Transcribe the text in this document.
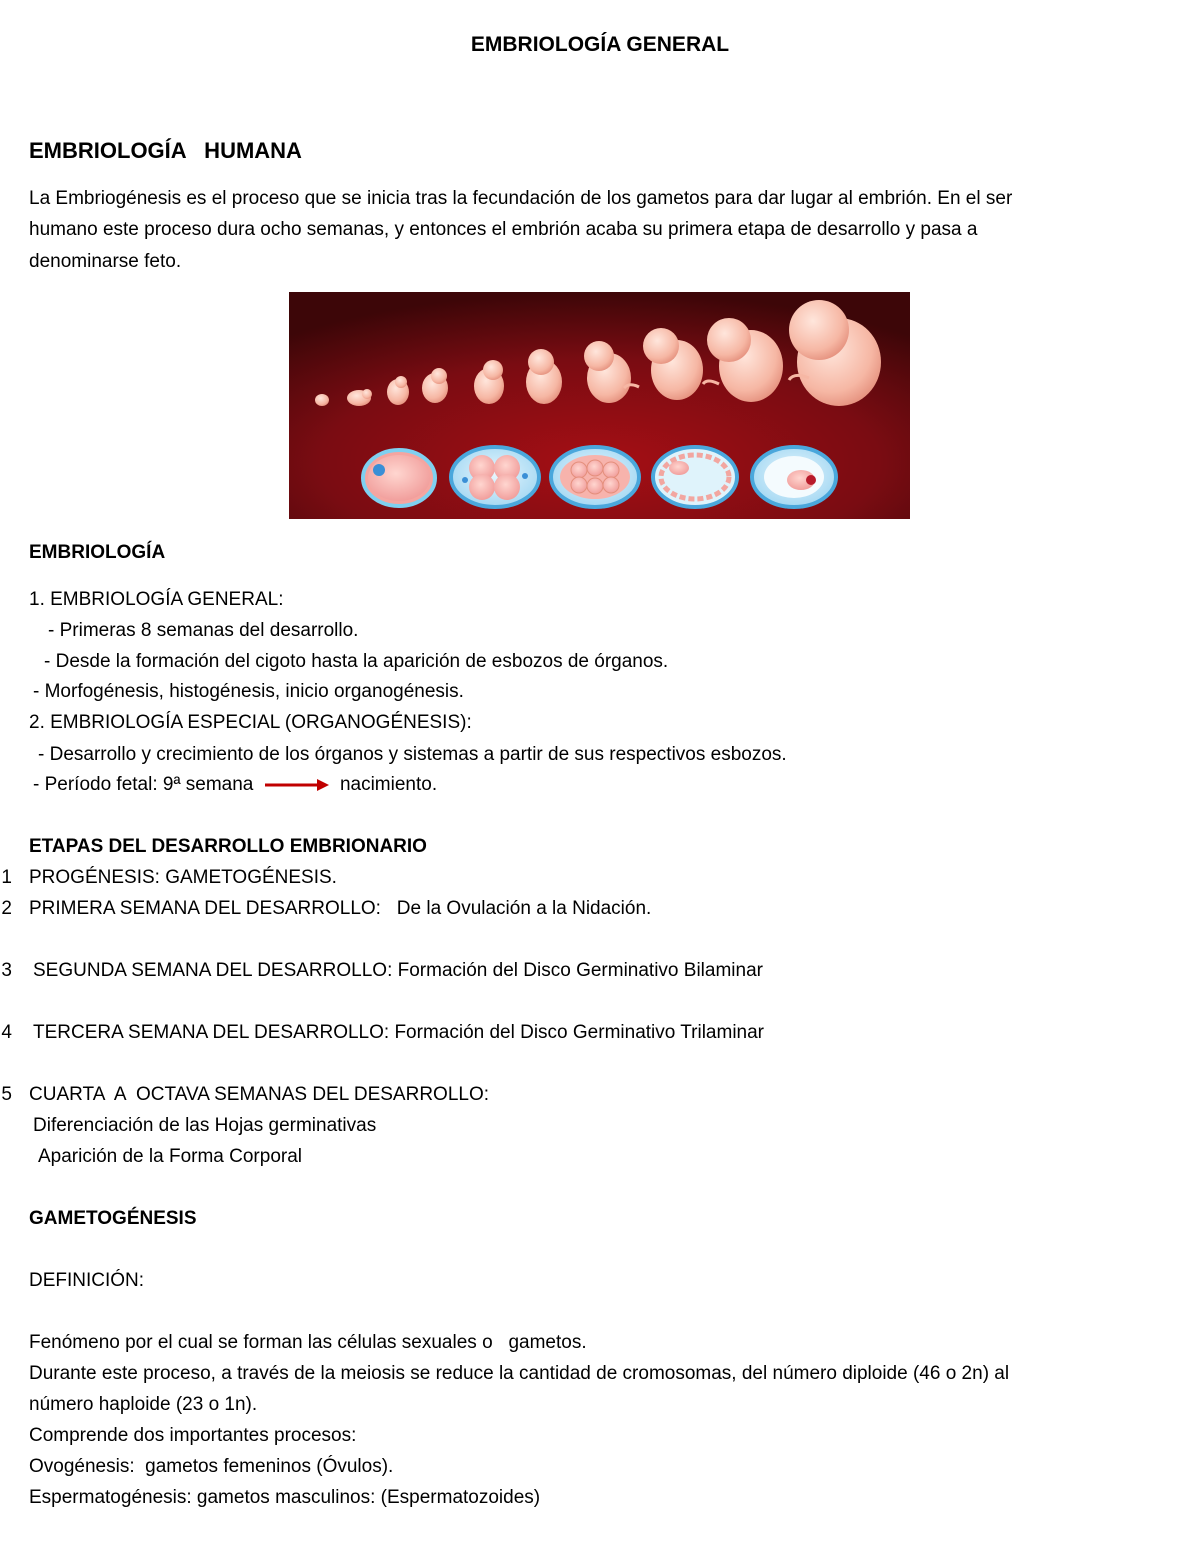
EMBRIOLOGÍA GENERAL
EMBRIOLOGÍA   HUMANA
La Embriogénesis es el proceso que se inicia tras la fecundación de los gametos para dar lugar al embrión. En el ser
humano este proceso dura ocho semanas, y entonces el embrión acaba su primera etapa de desarrollo y pasa a
denominarse feto.
EMBRIOLOGÍA
1. EMBRIOLOGÍA GENERAL:
- Primeras 8 semanas del desarrollo.
- Desde la formación del cigoto hasta la aparición de esbozos de órganos.
- Morfogénesis, histogénesis, inicio organogénesis.
2. EMBRIOLOGÍA ESPECIAL (ORGANOGÉNESIS):
- Desarrollo y crecimiento de los órganos y sistemas a partir de sus respectivos esbozos.
- Período fetal: 9ª semana	nacimiento.
ETAPAS DEL DESARROLLO EMBRIONARIO
1 PROGÉNESIS: GAMETOGÉNESIS.
2 PRIMERA SEMANA DEL DESARROLLO:   De la Ovulación a la Nidación.
3 SEGUNDA SEMANA DEL DESARROLLO: Formación del Disco Germinativo Bilaminar
4 TERCERA SEMANA DEL DESARROLLO: Formación del Disco Germinativo Trilaminar
5 CUARTA  A  OCTAVA SEMANAS DEL DESARROLLO:
Diferenciación de las Hojas germinativas
Aparición de la Forma Corporal
GAMETOGÉNESIS
DEFINICIÓN:
Fenómeno por el cual se forman las células sexuales o   gametos.
Durante este proceso, a través de la meiosis se reduce la cantidad de cromosomas, del número diploide (46 o 2n) al
número haploide (23 o 1n).
Comprende dos importantes procesos:
Ovogénesis:  gametos femeninos (Óvulos).
Espermatogénesis: gametos masculinos: (Espermatozoides)
